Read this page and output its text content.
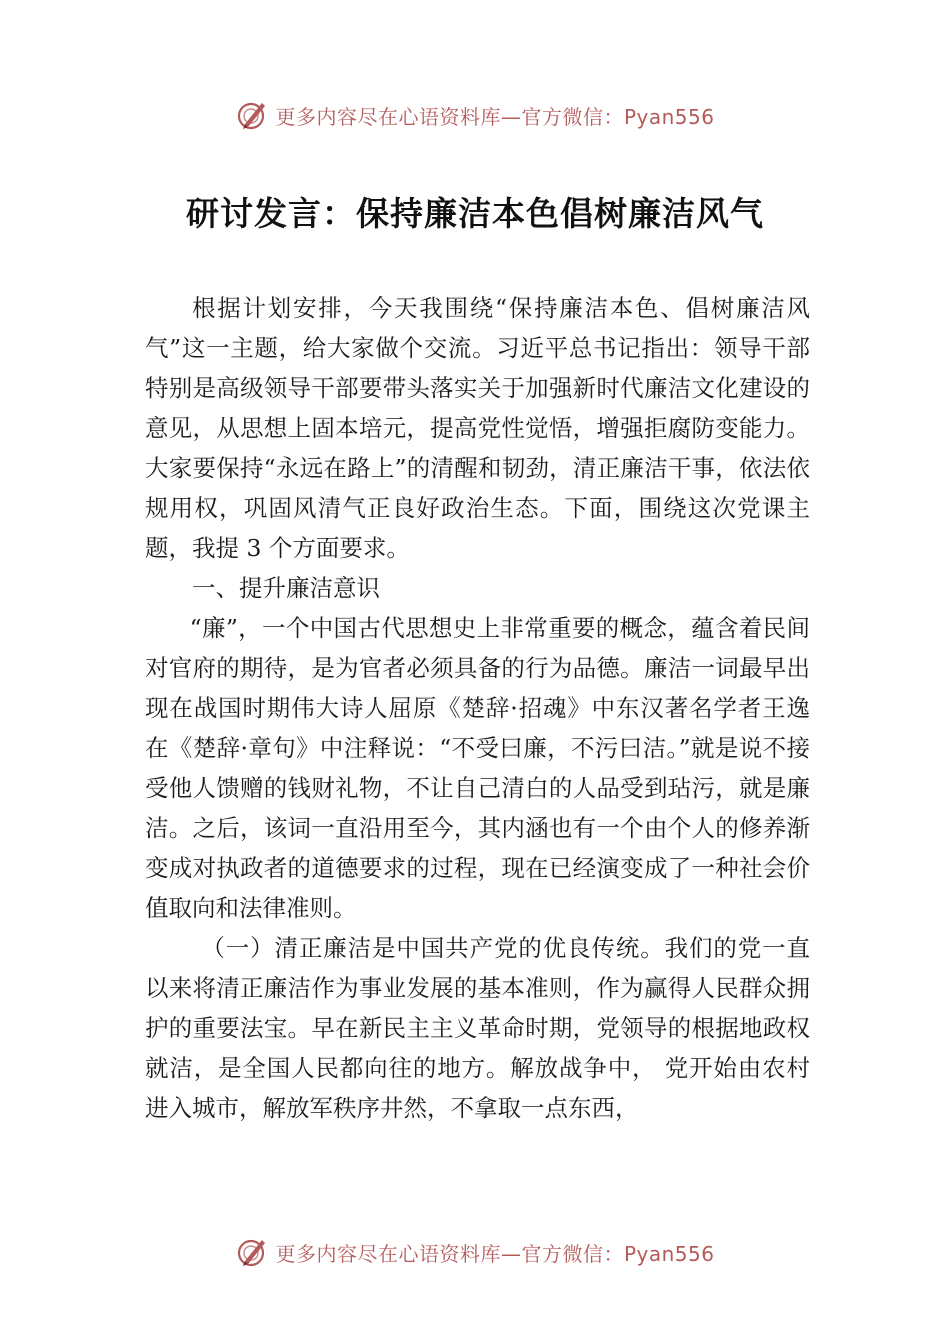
更多内容尽在心语资料库—官方微信：Pyan556
研讨发言：保持廉洁本色倡树廉洁风气

根据计划安排，今天我围绕“保持廉洁本色、倡树廉洁风气”这一主题，给大家做个交流。习近平总书记指出：领导干部特别是高级领导干部要带头落实关于加强新时代廉洁文化建设的意见，从思想上固本培元，提高党性觉悟，增强拒腐防变能力。大家要保持“永远在路上”的清醒和韧劲，清正廉洁干事，依法依规用权，巩固风清气正良好政治生态。下面，围绕这次党课主题，我提 3 个方面要求。

一、提升廉洁意识

“廉”，一个中国古代思想史上非常重要的概念，蕴含着民间对官府的期待，是为官者必须具备的行为品德。廉洁一词最早出现在战国时期伟大诗人屈原《楚辞·招魂》中东汉著名学者王逸在《楚辞·章句》中注释说：“不受曰廉，不污曰洁。”就是说不接受他人馈赠的钱财礼物，不让自己清白的人品受到玷污，就是廉洁。之后，该词一直沿用至今，其内涵也有一个由个人的修养渐变成对执政者的道德要求的过程，现在已经演变成了一种社会价值取向和法律准则。

（一）清正廉洁是中国共产党的优良传统。我们的党一直以来将清正廉洁作为事业发展的基本准则，作为赢得人民群众拥护的重要法宝。早在新民主主义革命时期，党领导的根据地政权就洁，是全国人民都向往的地方。解放战争中， 党开始由农村进入城市，解放军秩序井然，不拿取一点东西，

更多内容尽在心语资料库—官方微信：Pyan556
